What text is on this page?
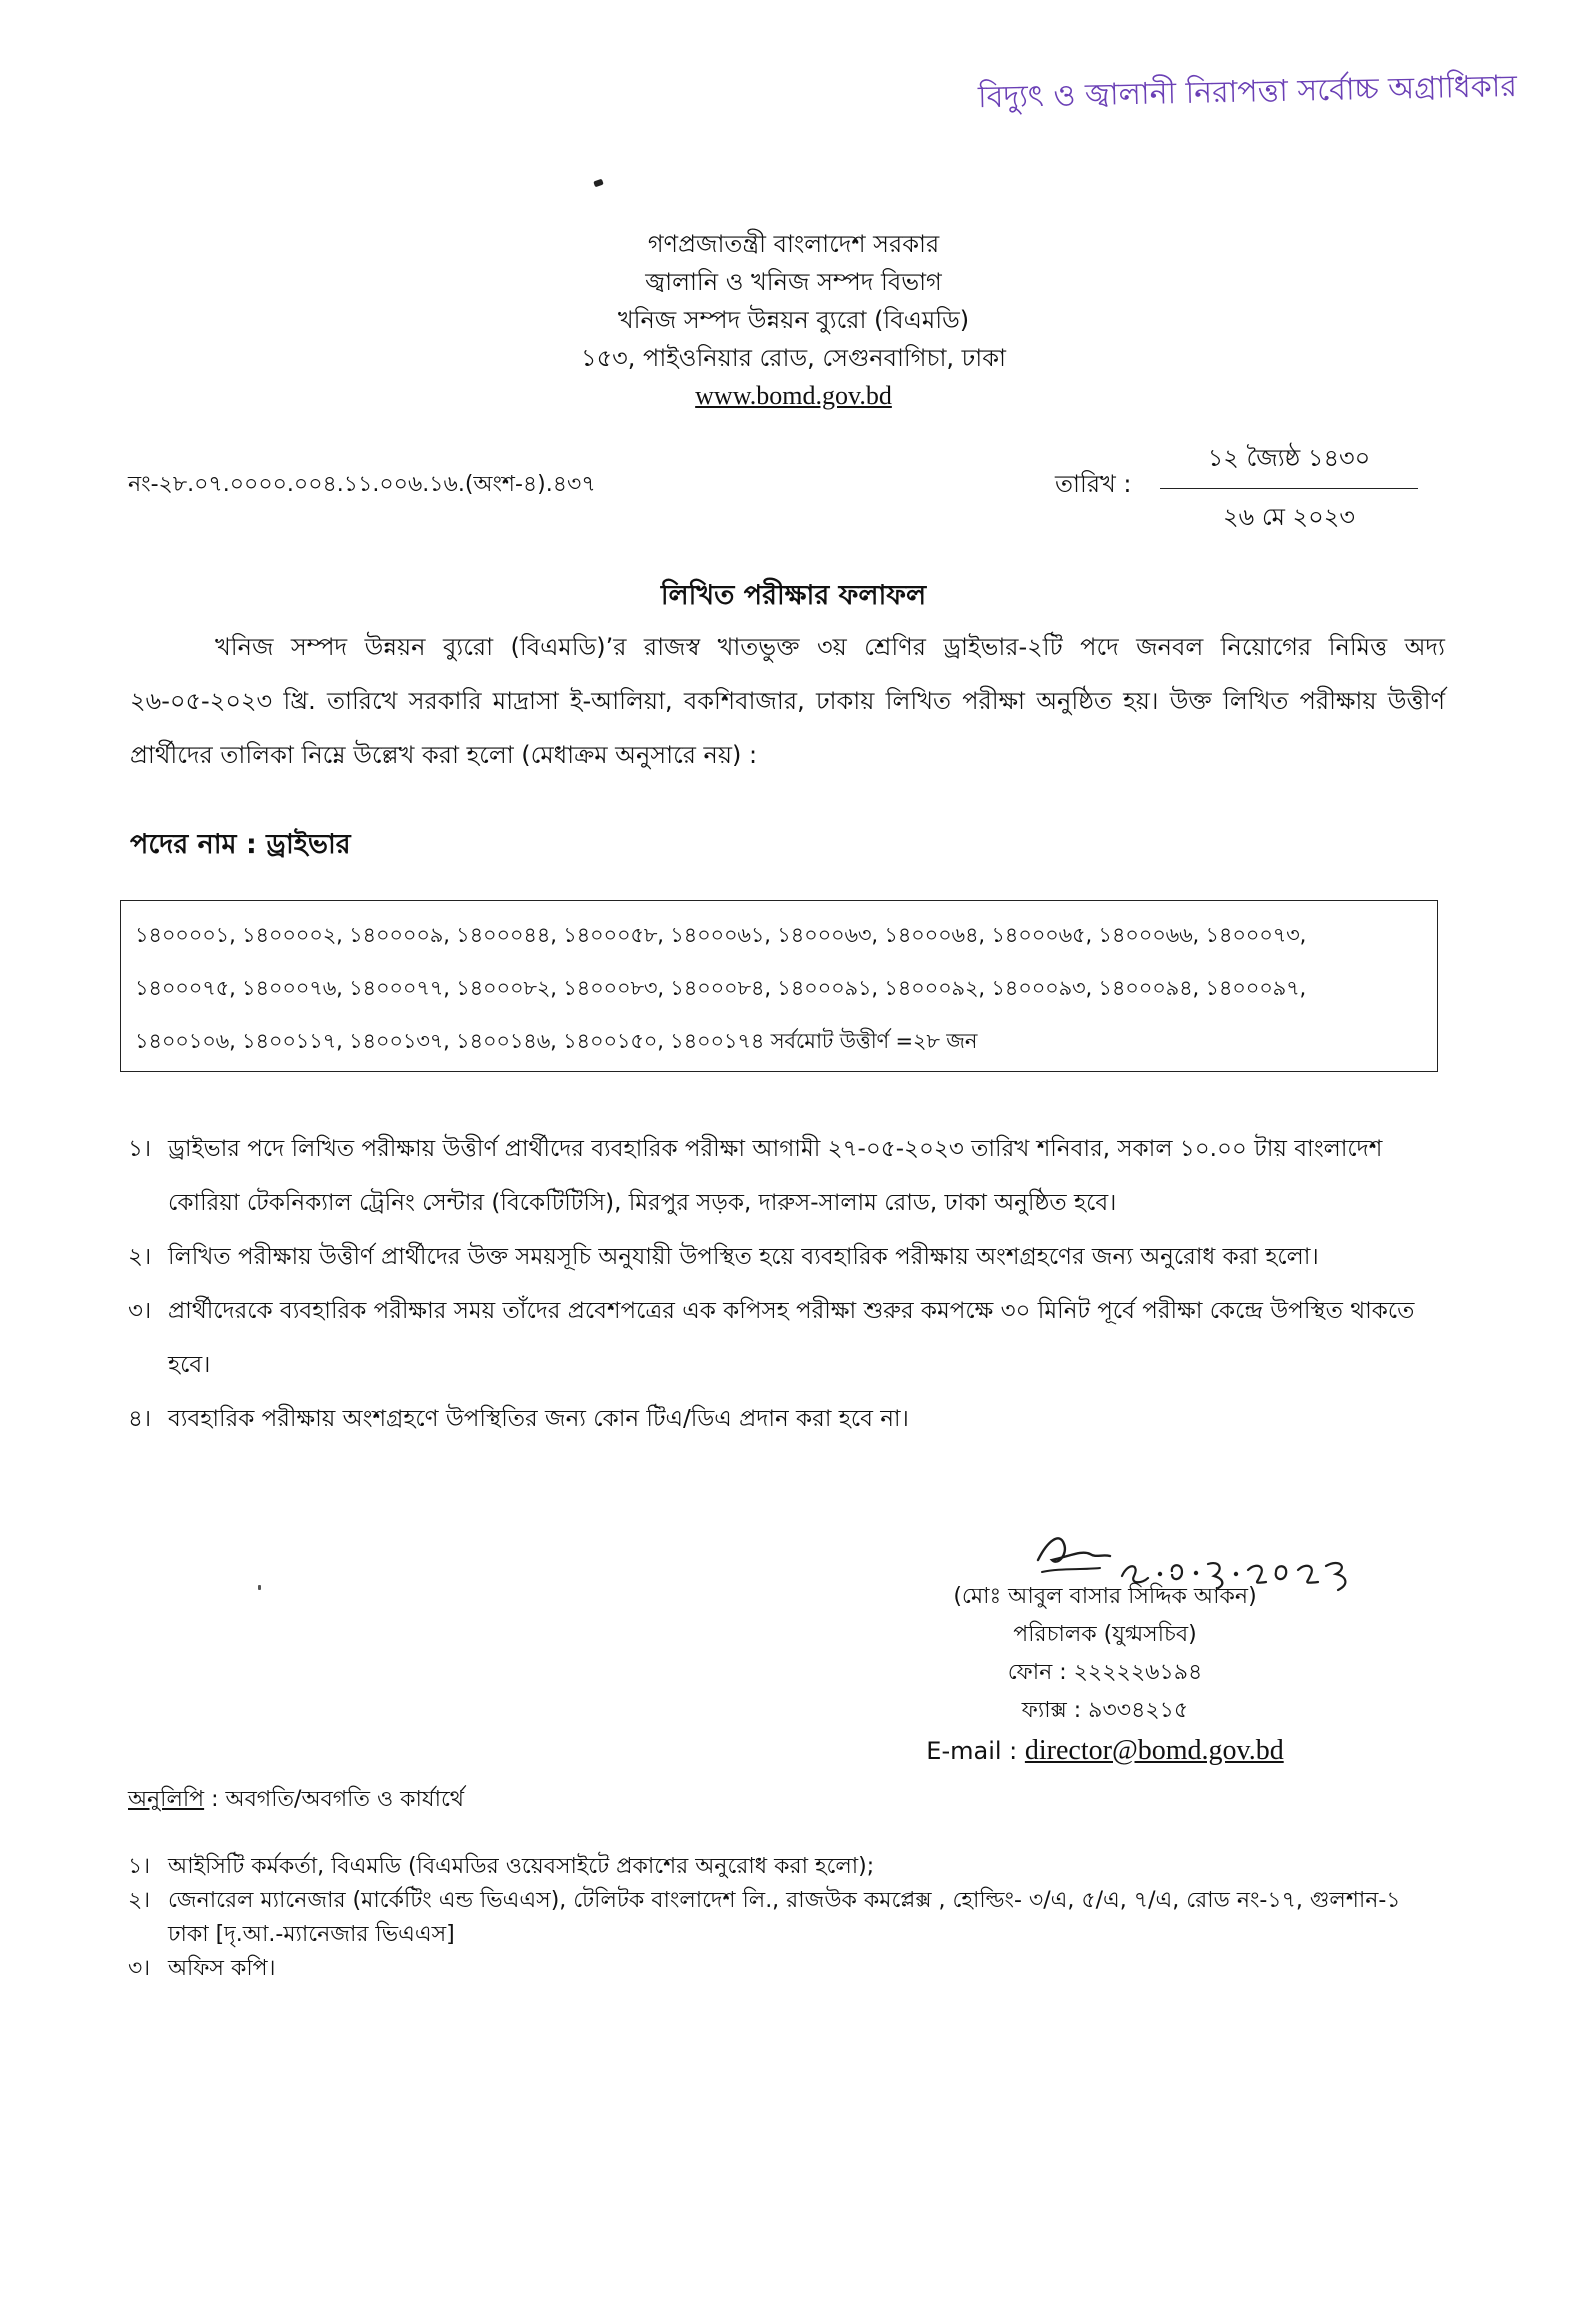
বিদ্যুৎ ও জ্বালানী নিরাপত্তা সর্বোচ্চ অগ্রাধিকার
গণপ্রজাতন্ত্রী বাংলাদেশ সরকার
জ্বালানি ও খনিজ সম্পদ বিভাগ
খনিজ সম্পদ উন্নয়ন ব্যুরো (বিএমডি)
১৫৩, পাইওনিয়ার রোড, সেগুনবাগিচা, ঢাকা
www.bomd.gov.bd
নং-২৮.০৭.০০০০.০০৪.১১.০০৬.১৬.(অংশ-৪).৪৩৭	তারিখ :
১২ জ্যৈষ্ঠ ১৪৩০
২৬ মে ২০২৩
লিখিত পরীক্ষার ফলাফল
খনিজ সম্পদ উন্নয়ন ব্যুরো (বিএমডি)’র রাজস্ব খাতভুক্ত ৩য় শ্রেণির ড্রাইভার-২টি পদে জনবল নিয়োগের নিমিত্ত অদ্য ২৬-০৫-২০২৩ খ্রি. তারিখে সরকারি মাদ্রাসা ই-আলিয়া, বকশিবাজার, ঢাকায় লিখিত পরীক্ষা অনুষ্ঠিত হয়। উক্ত লিখিত পরীক্ষায় উত্তীর্ণ প্রার্থীদের তালিকা নিম্নে উল্লেখ করা হলো (মেধাক্রম অনুসারে নয়) :
পদের নাম : ড্রাইভার
১৪০০০০১, ১৪০০০০২, ১৪০০০০৯, ১৪০০০৪৪, ১৪০০০৫৮, ১৪০০০৬১, ১৪০০০৬৩, ১৪০০০৬৪, ১৪০০০৬৫, ১৪০০০৬৬, ১৪০০০৭৩,
১৪০০০৭৫, ১৪০০০৭৬, ১৪০০০৭৭, ১৪০০০৮২, ১৪০০০৮৩, ১৪০০০৮৪, ১৪০০০৯১, ১৪০০০৯২, ১৪০০০৯৩, ১৪০০০৯৪, ১৪০০০৯৭,
১৪০০১০৬, ১৪০০১১৭, ১৪০০১৩৭, ১৪০০১৪৬, ১৪০০১৫০, ১৪০০১৭৪ সর্বমোট উত্তীর্ণ =২৮ জন
১। ড্রাইভার পদে লিখিত পরীক্ষায় উত্তীর্ণ প্রার্থীদের ব্যবহারিক পরীক্ষা আগামী ২৭-০৫-২০২৩ তারিখ শনিবার, সকাল ১০.০০ টায় বাংলাদেশ কোরিয়া টেকনিক্যাল ট্রেনিং সেন্টার (বিকেটিটিসি), মিরপুর সড়ক, দারুস-সালাম রোড, ঢাকা অনুষ্ঠিত হবে।
২। লিখিত পরীক্ষায় উত্তীর্ণ প্রার্থীদের উক্ত সময়সূচি অনুযায়ী উপস্থিত হয়ে ব্যবহারিক পরীক্ষায় অংশগ্রহণের জন্য অনুরোধ করা হলো।
৩। প্রার্থীদেরকে ব্যবহারিক পরীক্ষার সময় তাঁদের প্রবেশপত্রের এক কপিসহ পরীক্ষা শুরুর কমপক্ষে ৩০ মিনিট পূর্বে পরীক্ষা কেন্দ্রে উপস্থিত থাকতে হবে।
৪। ব্যবহারিক পরীক্ষায় অংশগ্রহণে উপস্থিতির জন্য কোন টিএ/ডিএ প্রদান করা হবে না।
(মোঃ আবুল বাসার সিদ্দিক আকন)
পরিচালক (যুগ্মসচিব)
ফোন : ২২২২২৬১৯৪
ফ্যাক্স : ৯৩৩৪২১৫
E-mail : director@bomd.gov.bd
অনুলিপি : অবগতি/অবগতি ও কার্যার্থে
১। আইসিটি কর্মকর্তা, বিএমডি (বিএমডির ওয়েবসাইটে প্রকাশের অনুরোধ করা হলো);
২। জেনারেল ম্যানেজার (মার্কেটিং এন্ড ভিএএস), টেলিটক বাংলাদেশ লি., রাজউক কমপ্লেক্স , হোল্ডিং- ৩/এ, ৫/এ, ৭/এ, রোড নং-১৭, গুলশান-১ ঢাকা [দৃ.আ.-ম্যানেজার ভিএএস]
৩। অফিস কপি।
